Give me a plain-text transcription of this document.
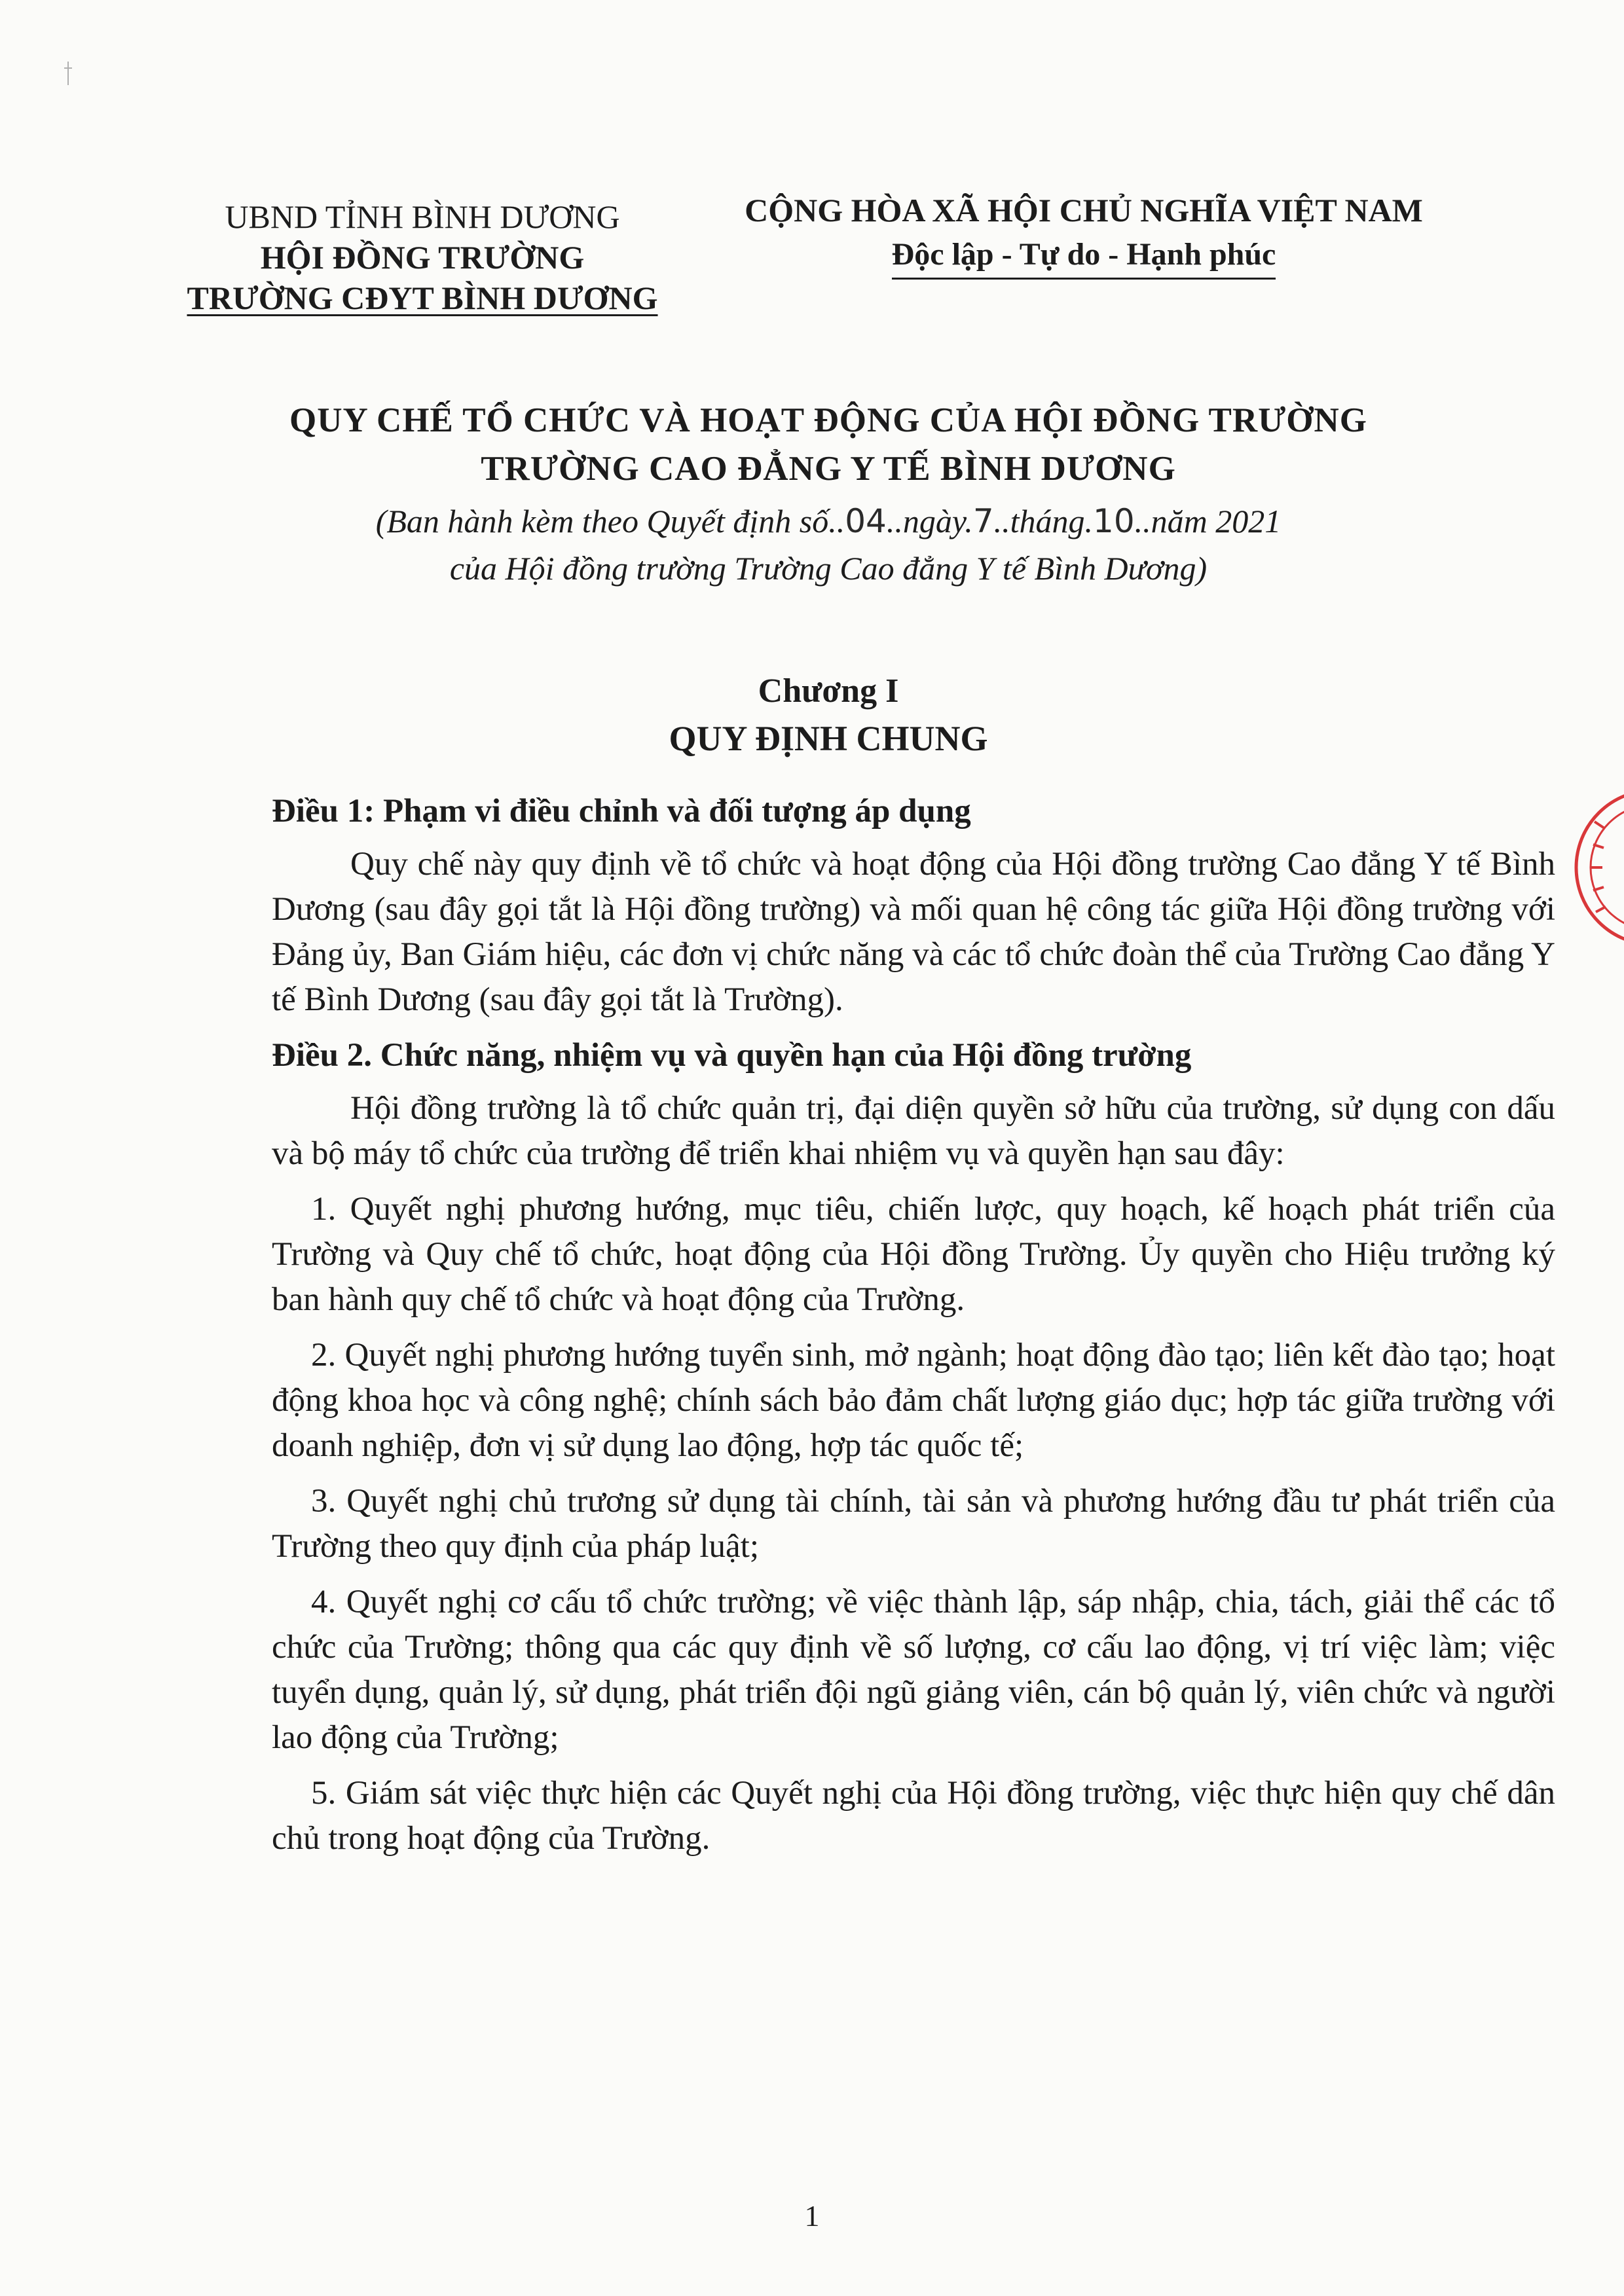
UBND TỈNH BÌNH DƯƠNG
HỘI ĐỒNG TRƯỜNG
TRƯỜNG CĐYT BÌNH DƯƠNG
CỘNG HÒA XÃ HỘI CHỦ NGHĨA VIỆT NAM
Độc lập - Tự do - Hạnh phúc
QUY CHẾ TỔ CHỨC VÀ HOẠT ĐỘNG CỦA HỘI ĐỒNG TRƯỜNG
TRƯỜNG CAO ĐẲNG Y TẾ BÌNH DƯƠNG
(Ban hành kèm theo Quyết định số..04..ngày.7..tháng.10..năm 2021
của Hội đồng trường Trường Cao đẳng Y tế Bình Dương)
Chương I
QUY ĐỊNH CHUNG
Điều 1: Phạm vi điều chỉnh và đối tượng áp dụng

Quy chế này quy định về tổ chức và hoạt động của Hội đồng trường Cao đẳng Y tế Bình Dương (sau đây gọi tắt là Hội đồng trường) và mối quan hệ công tác giữa Hội đồng trường với Đảng ủy, Ban Giám hiệu, các đơn vị chức năng và các tổ chức đoàn thể của Trường Cao đẳng Y tế Bình Dương (sau đây gọi tắt là Trường).

Điều 2. Chức năng, nhiệm vụ và quyền hạn của Hội đồng trường

Hội đồng trường là tổ chức quản trị, đại diện quyền sở hữu của trường, sử dụng con dấu và bộ máy tổ chức của trường để triển khai nhiệm vụ và quyền hạn sau đây:

1. Quyết nghị phương hướng, mục tiêu, chiến lược, quy hoạch, kế hoạch phát triển của Trường và Quy chế tổ chức, hoạt động của Hội đồng Trường. Ủy quyền cho Hiệu trưởng ký ban hành quy chế tổ chức và hoạt động của Trường.

2. Quyết nghị phương hướng tuyển sinh, mở ngành; hoạt động đào tạo; liên kết đào tạo; hoạt động khoa học và công nghệ; chính sách bảo đảm chất lượng giáo dục; hợp tác giữa trường với doanh nghiệp, đơn vị sử dụng lao động, hợp tác quốc tế;

3. Quyết nghị chủ trương sử dụng tài chính, tài sản và phương hướng đầu tư phát triển của Trường theo quy định của pháp luật;

4. Quyết nghị cơ cấu tổ chức trường; về việc thành lập, sáp nhập, chia, tách, giải thể các tổ chức của Trường; thông qua các quy định về số lượng, cơ cấu lao động, vị trí việc làm; việc tuyển dụng, quản lý, sử dụng, phát triển đội ngũ giảng viên, cán bộ quản lý, viên chức và người lao động của Trường;

5. Giám sát việc thực hiện các Quyết nghị của Hội đồng trường, việc thực hiện quy chế dân chủ trong hoạt động của Trường.

1
